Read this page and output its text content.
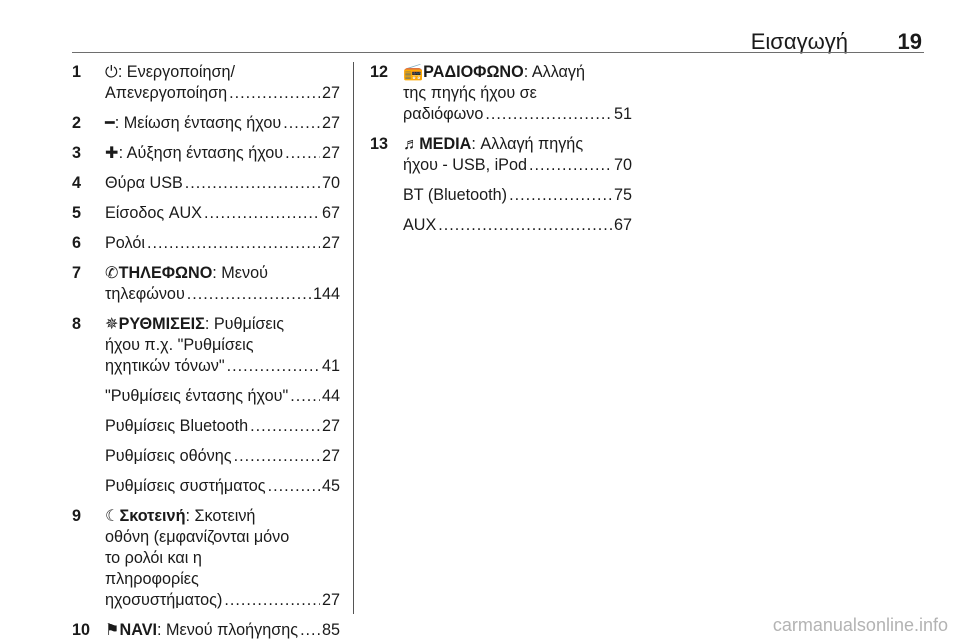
Εισαγωγή 19
1	⏻: Ενεργοποίηση/
Απενεργοποίηση .....	27
2	━: Μείωση έντασης ήχου .....	27
3	✚: Αύξηση έντασης ήχου ..... 27
4	Θύρα USB .....	70
5	Είσοδος AUX .....	67
6	Ρολόι .....	27
7	✆ΤΗΛΕΦΩΝΟ: Μενού
τηλεφώνου .....	144
8	✵ΡΥΘΜΙΣΕΙΣ: Ρυθμίσεις
ήχου π.χ. "Ρυθμίσεις
ηχητικών τόνων" .....	41
"Ρυθμίσεις έντασης ήχου" ..... 44
Ρυθμίσεις Bluetooth .....	27
Ρυθμίσεις οθόνης .....	27
Ρυθμίσεις συστήματος .....	45
9	☾Σκοτεινή: Σκοτεινή
οθόνη (εμφανίζονται μόνο
το ρολόι και η
πληροφορίες
ηχοσυστήματος) .....	27
10 ⚑NAVI: Μενού πλοήγησης ..... 85
12 📻ΡΑΔΙΟΦΩΝΟ: Αλλαγή
της πηγής ήχου σε
ραδιόφωνο .....	51
13 ♬MEDIA: Αλλαγή πηγής
ήχου - USB, iPod .....	70
BT (Bluetooth) .....	75
AUX .....	67
carmanualsonline.info
